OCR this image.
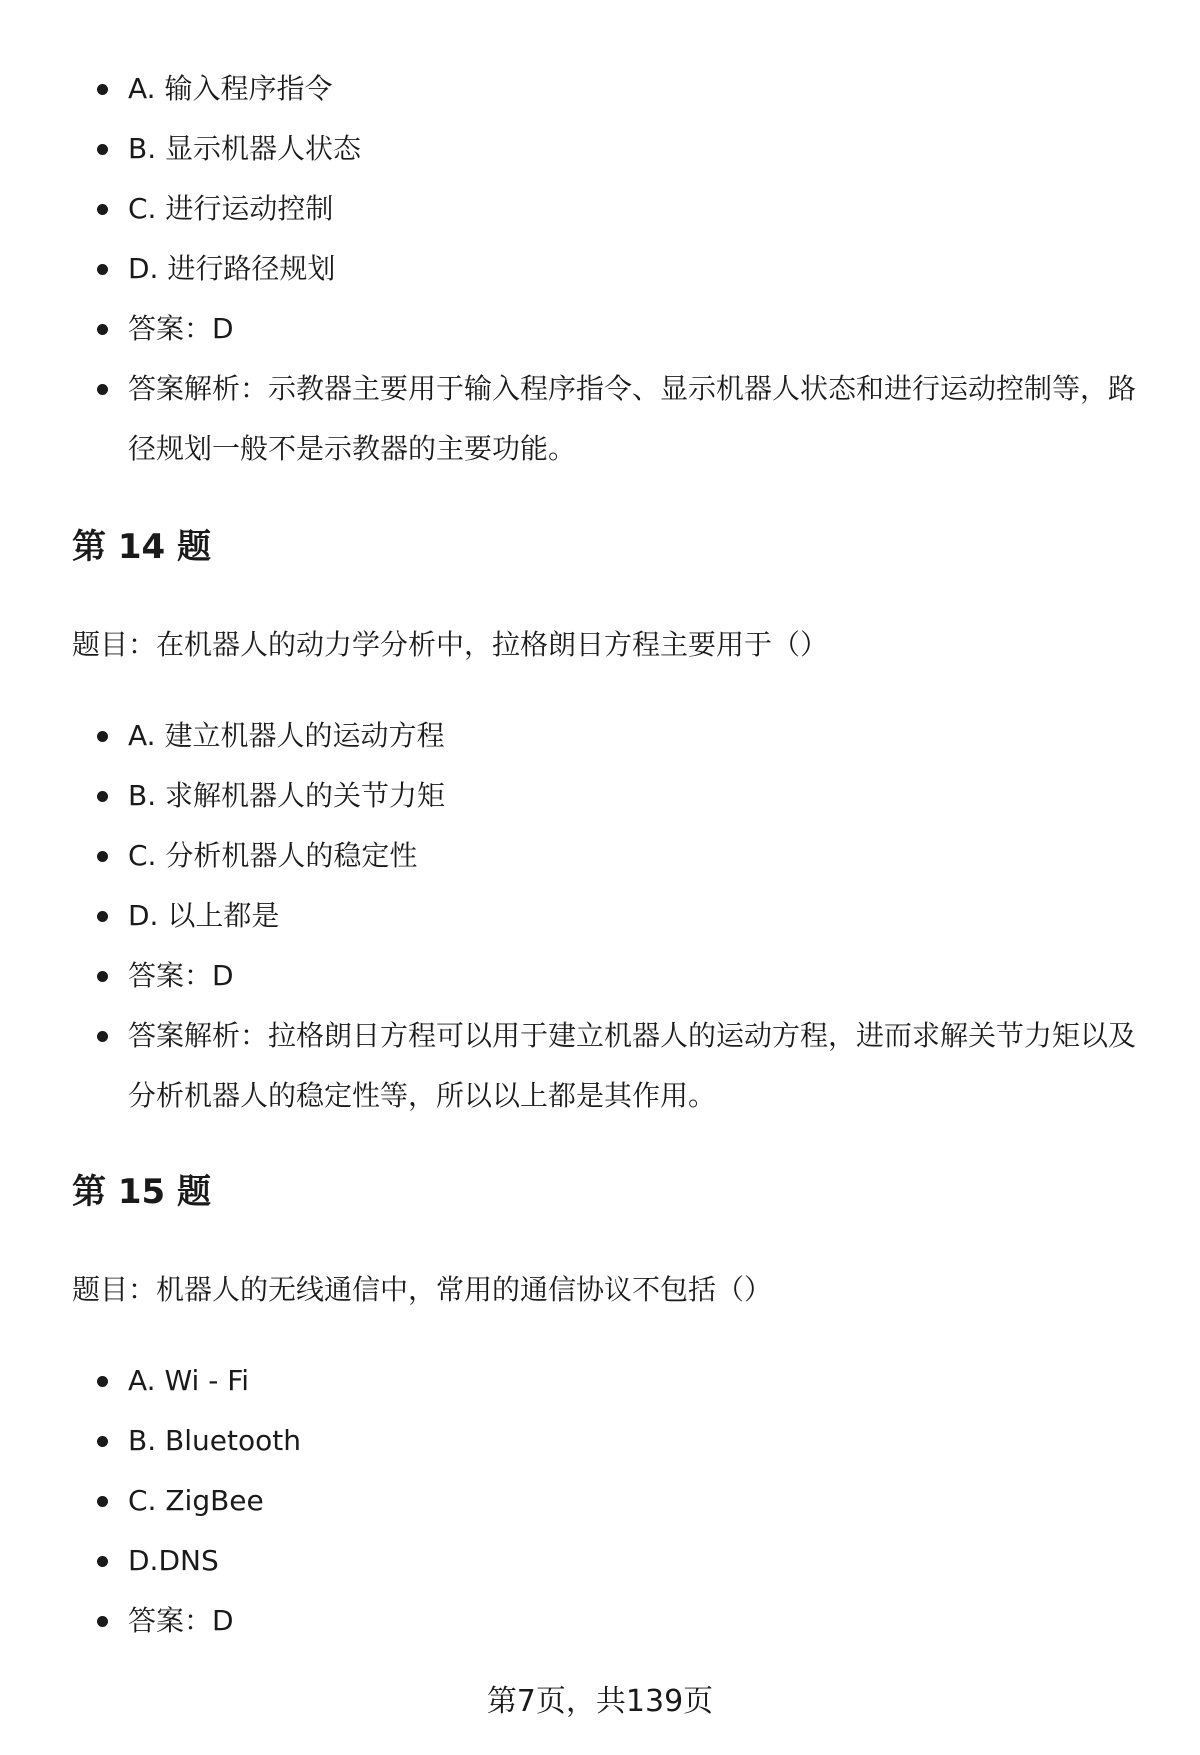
A. 输入程序指令
B. 显示机器人状态
C. 进行运动控制
D. 进行路径规划
答案：D
答案解析：示教器主要用于输入程序指令、显示机器人状态和进行运动控制等，路径规划一般不是示教器的主要功能。
第 14 题
题目：在机器人的动力学分析中，拉格朗日方程主要用于（）
A. 建立机器人的运动方程
B. 求解机器人的关节力矩
C. 分析机器人的稳定性
D. 以上都是
答案：D
答案解析：拉格朗日方程可以用于建立机器人的运动方程，进而求解关节力矩以及分析机器人的稳定性等，所以以上都是其作用。
第 15 题
题目：机器人的无线通信中，常用的通信协议不包括（）
A. Wi - Fi
B. Bluetooth
C. ZigBee
D.DNS
答案：D
第7页，共139页
